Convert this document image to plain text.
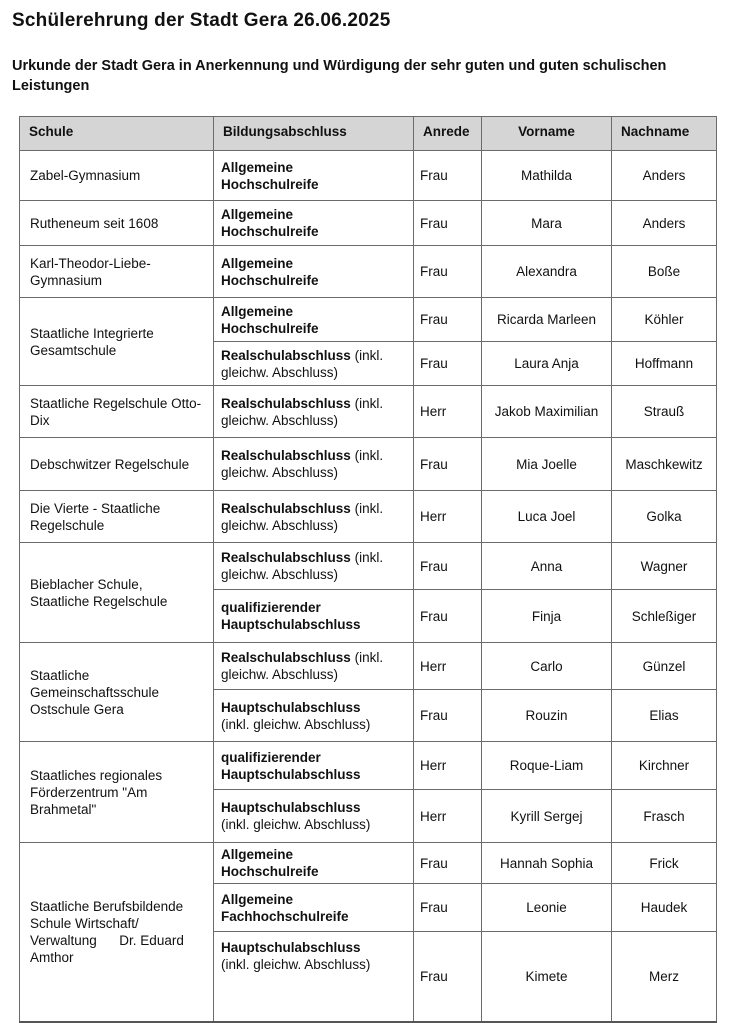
Schülerehrung der Stadt Gera 26.06.2025
Urkunde der Stadt Gera in Anerkennung und Würdigung der sehr guten und guten schulischen Leistungen
Schule	Bildungsabschluss	Anrede	Vorname	Nachname

Zabel-Gymnasium	Allgemeine Hochschulreife	Frau	Mathilda	Anders

Rutheneum seit 1608	Allgemeine Hochschulreife	Frau	Mara	Anders

Karl-Theodor-Liebe-Gymnasium	Allgemeine Hochschulreife	Frau	Alexandra	Boße

Staatliche Integrierte Gesamtschule	Allgemeine Hochschulreife	Frau	Ricarda Marleen	Köhler

	Realschulabschluss (inkl. gleichw. Abschluss)	Frau	Laura Anja	Hoffmann

Staatliche Regelschule Otto-Dix	Realschulabschluss (inkl. gleichw. Abschluss)	Herr	Jakob Maximilian	Strauß

Debschwitzer Regelschule	Realschulabschluss (inkl. gleichw. Abschluss)	Frau	Mia Joelle	Maschkewitz

Die Vierte - Staatliche Regelschule	Realschulabschluss (inkl. gleichw. Abschluss)	Herr	Luca Joel	Golka

Bieblacher Schule, Staatliche Regelschule	Realschulabschluss (inkl. gleichw. Abschluss)	Frau	Anna	Wagner

	qualifizierender Hauptschulabschluss	Frau	Finja	Schleßiger

Staatliche Gemeinschaftsschule Ostschule Gera	Realschulabschluss (inkl. gleichw. Abschluss)	Herr	Carlo	Günzel

	Hauptschulabschluss (inkl. gleichw. Abschluss)	Frau	Rouzin	Elias

Staatliches regionales Förderzentrum "Am Brahmetal"	qualifizierender Hauptschulabschluss	Herr	Roque-Liam	Kirchner

	Hauptschulabschluss (inkl. gleichw. Abschluss)	Herr	Kyrill Sergej	Frasch

Staatliche Berufsbildende Schule Wirtschaft/ Verwaltung      Dr. Eduard Amthor	Allgemeine Hochschulreife	Frau	Hannah Sophia	Frick

	Allgemeine Fachhochschulreife	Frau	Leonie	Haudek

	Hauptschulabschluss (inkl. gleichw. Abschluss)	Frau	Kimete	Merz
